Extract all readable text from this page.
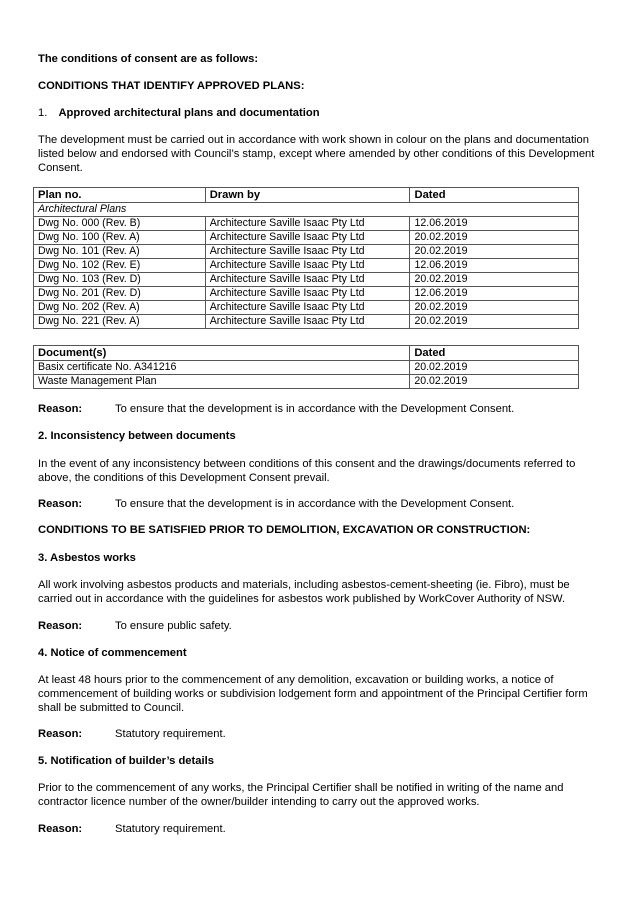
The conditions of consent are as follows:
CONDITIONS THAT IDENTIFY APPROVED PLANS:
1. Approved architectural plans and documentation
The development must be carried out in accordance with work shown in colour on the plans and documentation listed below and endorsed with Council’s stamp, except where amended by other conditions of this Development Consent.
Plan no.	Drawn by	Dated
Architectural Plans		
Dwg No. 000 (Rev. B)	Architecture Saville Isaac Pty Ltd	12.06.2019
Dwg No. 100 (Rev. A)	Architecture Saville Isaac Pty Ltd	20.02.2019
Dwg No. 101 (Rev. A)	Architecture Saville Isaac Pty Ltd	20.02.2019
Dwg No. 102 (Rev. E)	Architecture Saville Isaac Pty Ltd	12.06.2019
Dwg No. 103 (Rev. D)	Architecture Saville Isaac Pty Ltd	20.02.2019
Dwg No. 201 (Rev. D)	Architecture Saville Isaac Pty Ltd	12.06.2019
Dwg No. 202 (Rev. A)	Architecture Saville Isaac Pty Ltd	20.02.2019
Dwg No. 221 (Rev. A)	Architecture Saville Isaac Pty Ltd	20.02.2019
Document(s)	Dated
Basix certificate No. A341216	20.02.2019
Waste Management Plan	20.02.2019
Reason:	To ensure that the development is in accordance with the Development Consent.
2. Inconsistency between documents
In the event of any inconsistency between conditions of this consent and the drawings/documents referred to above, the conditions of this Development Consent prevail.
Reason:	To ensure that the development is in accordance with the Development Consent.
CONDITIONS TO BE SATISFIED PRIOR TO DEMOLITION, EXCAVATION OR CONSTRUCTION:
3. Asbestos works
All work involving asbestos products and materials, including asbestos-cement-sheeting (ie. Fibro), must be carried out in accordance with the guidelines for asbestos work published by WorkCover Authority of NSW.
Reason:	To ensure public safety.
4. Notice of commencement
At least 48 hours prior to the commencement of any demolition, excavation or building works, a notice of commencement of building works or subdivision lodgement form and appointment of the Principal Certifier form shall be submitted to Council.
Reason:	Statutory requirement.
5. Notification of builder’s details
Prior to the commencement of any works, the Principal Certifier shall be notified in writing of the name and contractor licence number of the owner/builder intending to carry out the approved works.
Reason:	Statutory requirement.
